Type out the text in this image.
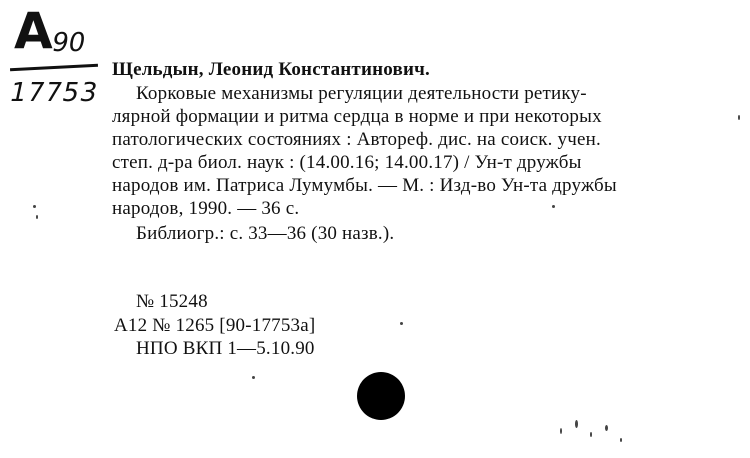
А
90
17753
Щельдын, Леонид Константинович.
Корковые механизмы регуляции деятельности ретику-
лярной формации и ритма сердца в норме и при некоторых
патологических состояниях : Автореф. дис. на соиск. учен.
степ. д-ра биол. наук : (14.00.16; 14.00.17) / Ун-т дружбы
народов им. Патриса Лумумбы. — М. : Изд-во Ун-та дружбы
народов, 1990. — 36 с.
Библиогр.: с. 33—36 (30 назв.).
№ 15248
А12 № 1265 [90-17753а]
НПО ВКП 1—5.10.90
